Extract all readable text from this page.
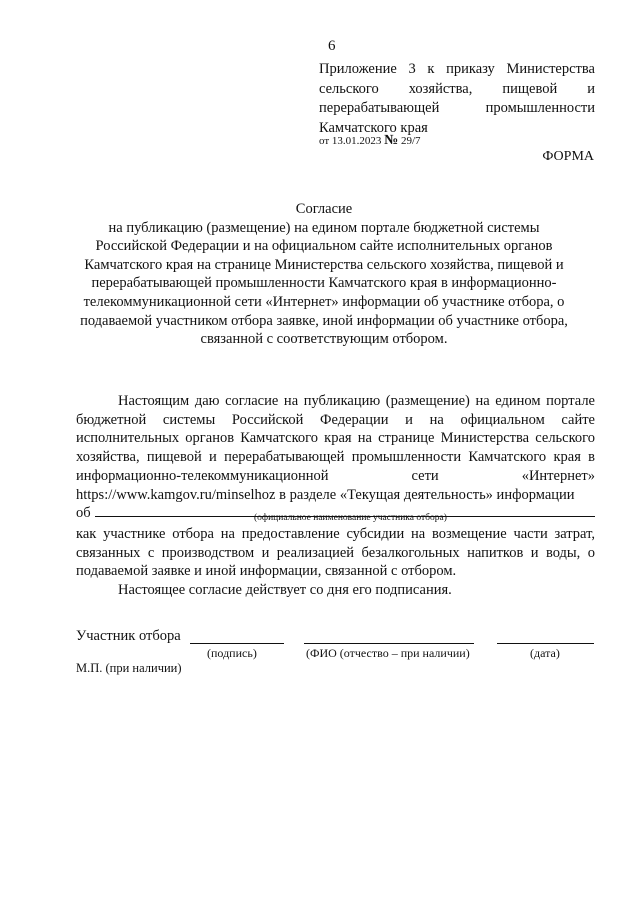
6
Приложение 3 к приказу Министерства
сельского хозяйства, пищевой и
перерабатывающей	промышленности
Камчатского края
от 13.01.2023 № 29/7
ФОРМА
Согласие
на публикацию (размещение) на едином портале бюджетной системы
Российской Федерации и на официальном сайте исполнительных органов
Камчатского края на странице Министерства сельского хозяйства, пищевой и
перерабатывающей промышленности Камчатского края в информационно-
телекоммуникационной сети «Интернет» информации об участнике отбора, о
подаваемой участником отбора заявке, иной информации об участнике отбора,
связанной с соответствующим отбором.
Настоящим даю согласие на публикацию (размещение) на едином портале бюджетной системы Российской Федерации и на официальном сайте исполнительных органов Камчатского края на странице Министерства сельского хозяйства, пищевой и перерабатывающей промышленности Камчатского края в информационно-телекоммуникационной сети «Интернет» https://www.kamgov.ru/minselhoz в разделе «Текущая деятельность» информации
об	(официальное наименование участника отбора)
как участнике отбора на предоставление субсидии на возмещение части затрат, связанных с производством и реализацией безалкогольных напитков и воды, о подаваемой заявке и иной информации, связанной с отбором.
Настоящее согласие действует со дня его подписания.
Участник отбора
(подпись)	(ФИО (отчество – при наличии)	(дата)
М.П. (при наличии)
